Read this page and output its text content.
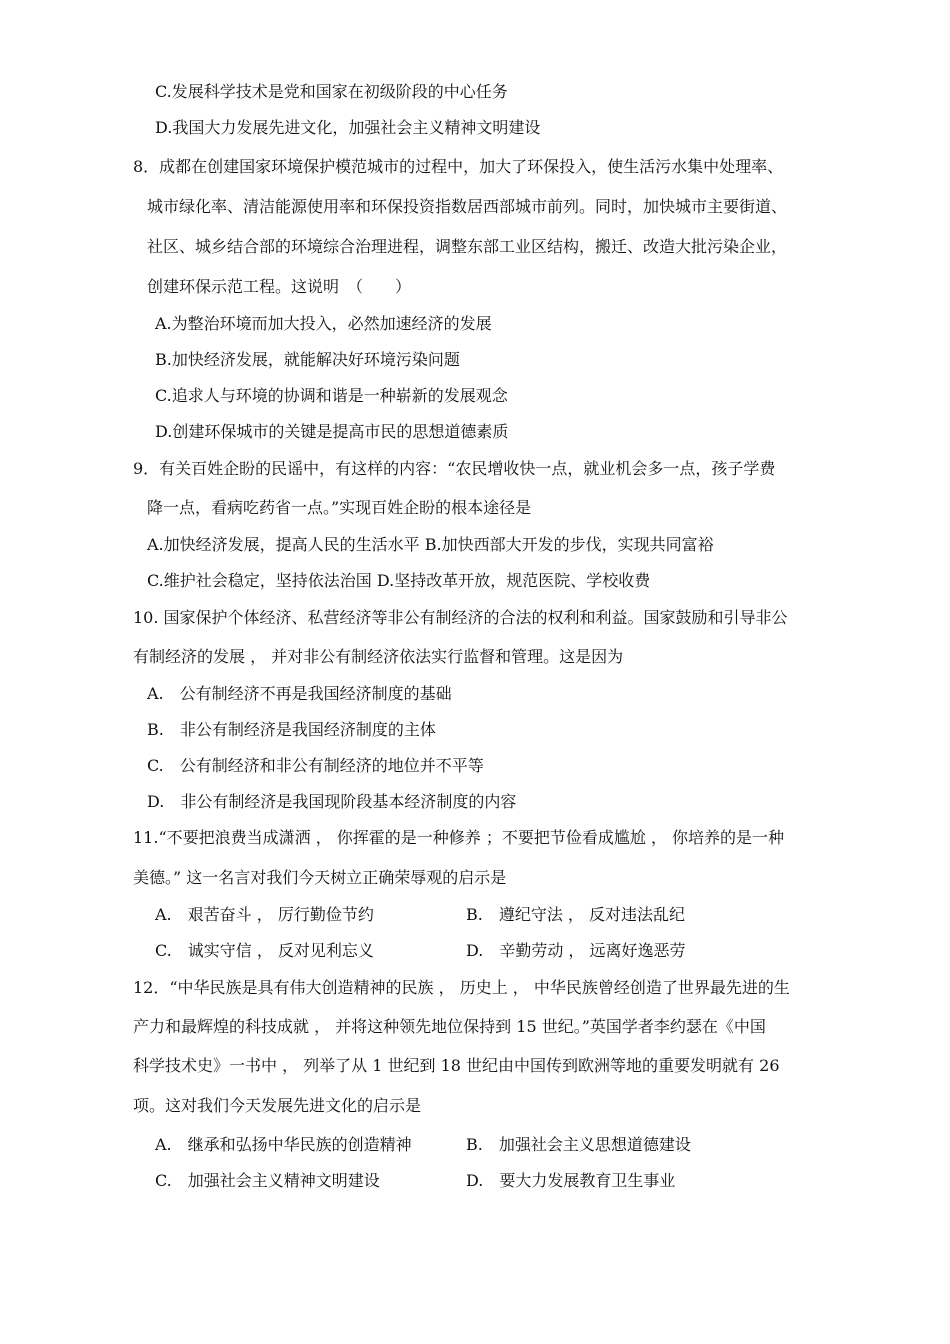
C.发展科学技术是党和国家在初级阶段的中心任务
D.我国大力发展先进文化，加强社会主义精神文明建设
8．成都在创建国家环境保护模范城市的过程中，加大了环保投入，使生活污水集中处理率、
城市绿化率、清洁能源使用率和环保投资指数居西部城市前列。同时，加快城市主要街道、
社区、城乡结合部的环境综合治理进程，调整东部工业区结构，搬迁、改造大批污染企业，
创建环保示范工程。这说明　（　　）
A.为整治环境而加大投入，必然加速经济的发展
B.加快经济发展，就能解决好环境污染问题
C.追求人与环境的协调和谐是一种崭新的发展观念
D.创建环保城市的关键是提高市民的思想道德素质
9．有关百姓企盼的民谣中，有这样的内容：“农民增收快一点，就业机会多一点，孩子学费
降一点，看病吃药省一点。”实现百姓企盼的根本途径是
A.加快经济发展，提高人民的生活水平 B.加快西部大开发的步伐，实现共同富裕
C.维护社会稳定，坚持依法治国 D.坚持改革开放，规范医院、学校收费
10. 国家保护个体经济、私营经济等非公有制经济的合法的权利和利益。国家鼓励和引导非公
有制经济的发展 ， 并对非公有制经济依法实行监督和管理。这是因为
A.　公有制经济不再是我国经济制度的基础
B.　非公有制经济是我国经济制度的主体
C.　公有制经济和非公有制经济的地位并不平等
D.　非公有制经济是我国现阶段基本经济制度的内容
11.“不要把浪费当成潇洒 ， 你挥霍的是一种修养 ；不要把节俭看成尴尬 ， 你培养的是一种
美德。” 这一名言对我们今天树立正确荣辱观的启示是
A.　艰苦奋斗 ， 厉行勤俭节约	B.　遵纪守法 ， 反对违法乱纪
C.　诚实守信 ， 反对见利忘义	D.　辛勤劳动 ， 远离好逸恶劳
12．“中华民族是具有伟大创造精神的民族 ， 历史上 ， 中华民族曾经创造了世界最先进的生
产力和最辉煌的科技成就 ， 并将这种领先地位保持到 15 世纪。”英国学者李约瑟在《中国
科学技术史》一书中 ， 列举了从 1 世纪到 18 世纪由中国传到欧洲等地的重要发明就有 26
项。这对我们今天发展先进文化的启示是
A.　继承和弘扬中华民族的创造精神	B.　加强社会主义思想道德建设
C.　加强社会主义精神文明建设	D.　要大力发展教育卫生事业
